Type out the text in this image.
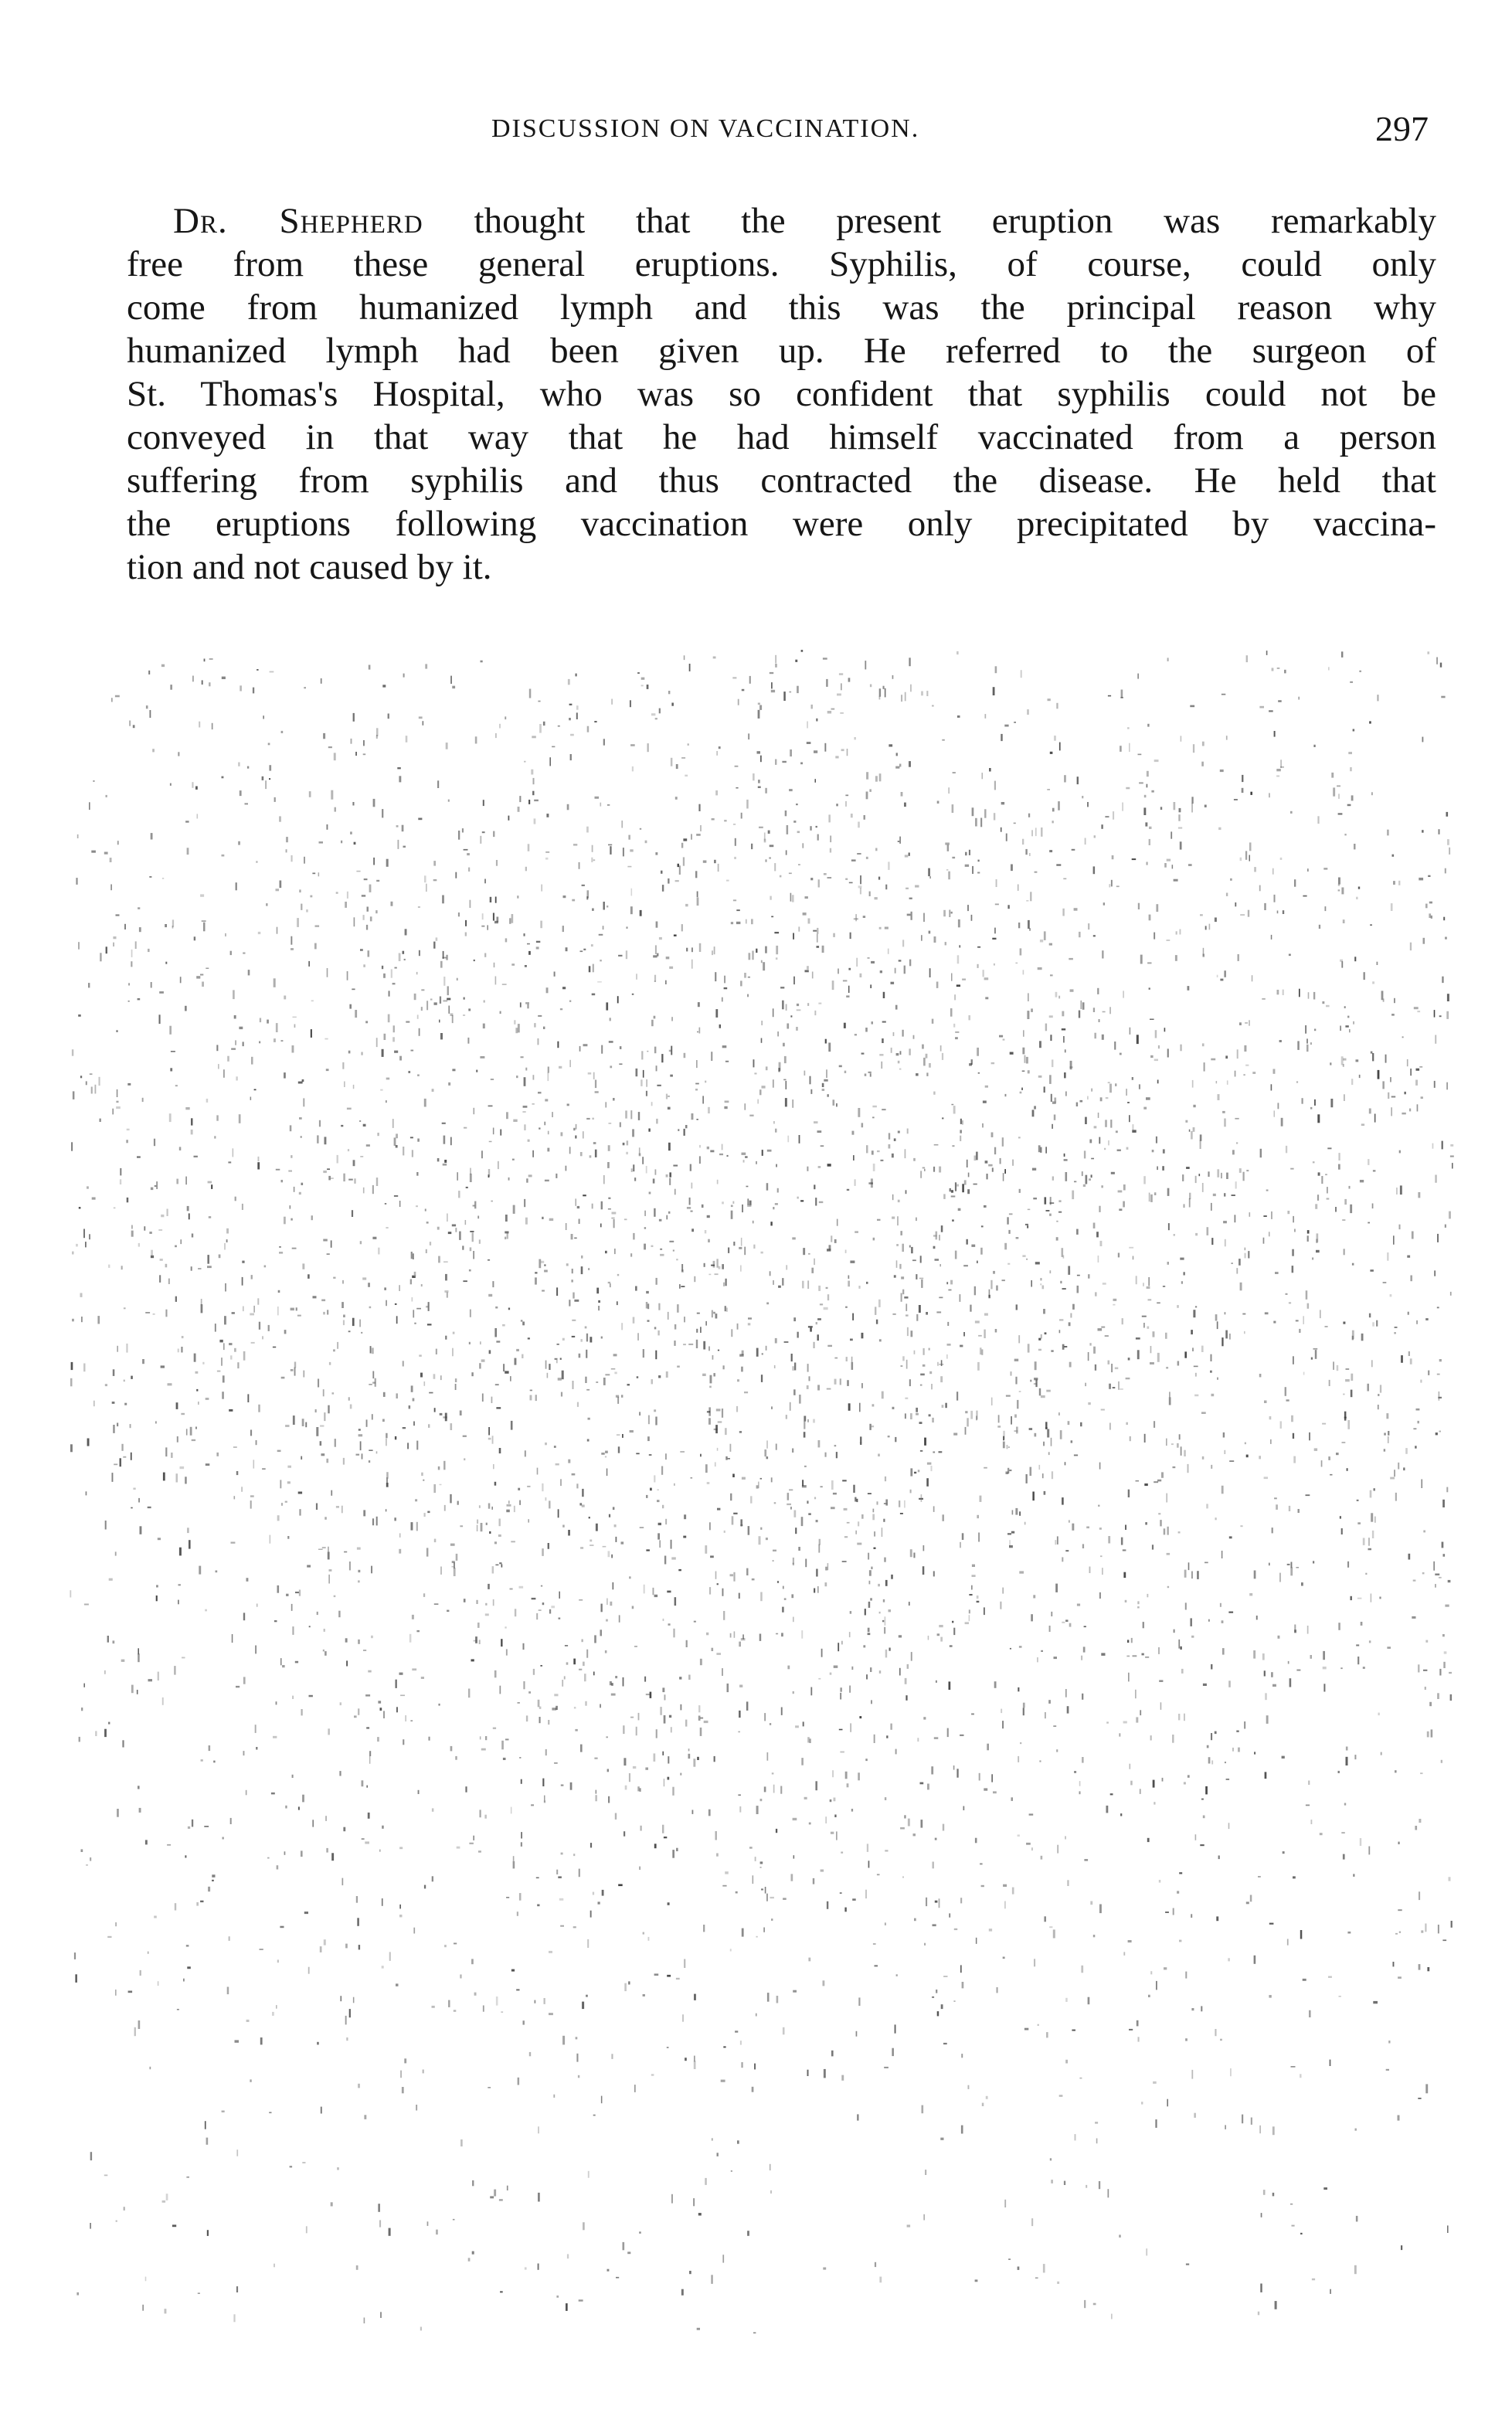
DISCUSSION ON VACCINATION.	297
Dr. Shepherd thought that the present eruption was remarkably
free from these general eruptions. Syphilis, of course, could only
come from humanized lymph and this was the principal reason why
humanized lymph had been given up. He referred to the surgeon of
St. Thomas's Hospital, who was so confident that syphilis could not be
conveyed in that way that he had himself vaccinated from a person
suffering from syphilis and thus contracted the disease. He held that
the eruptions following vaccination were only precipitated by vaccina-
tion and not caused by it.
